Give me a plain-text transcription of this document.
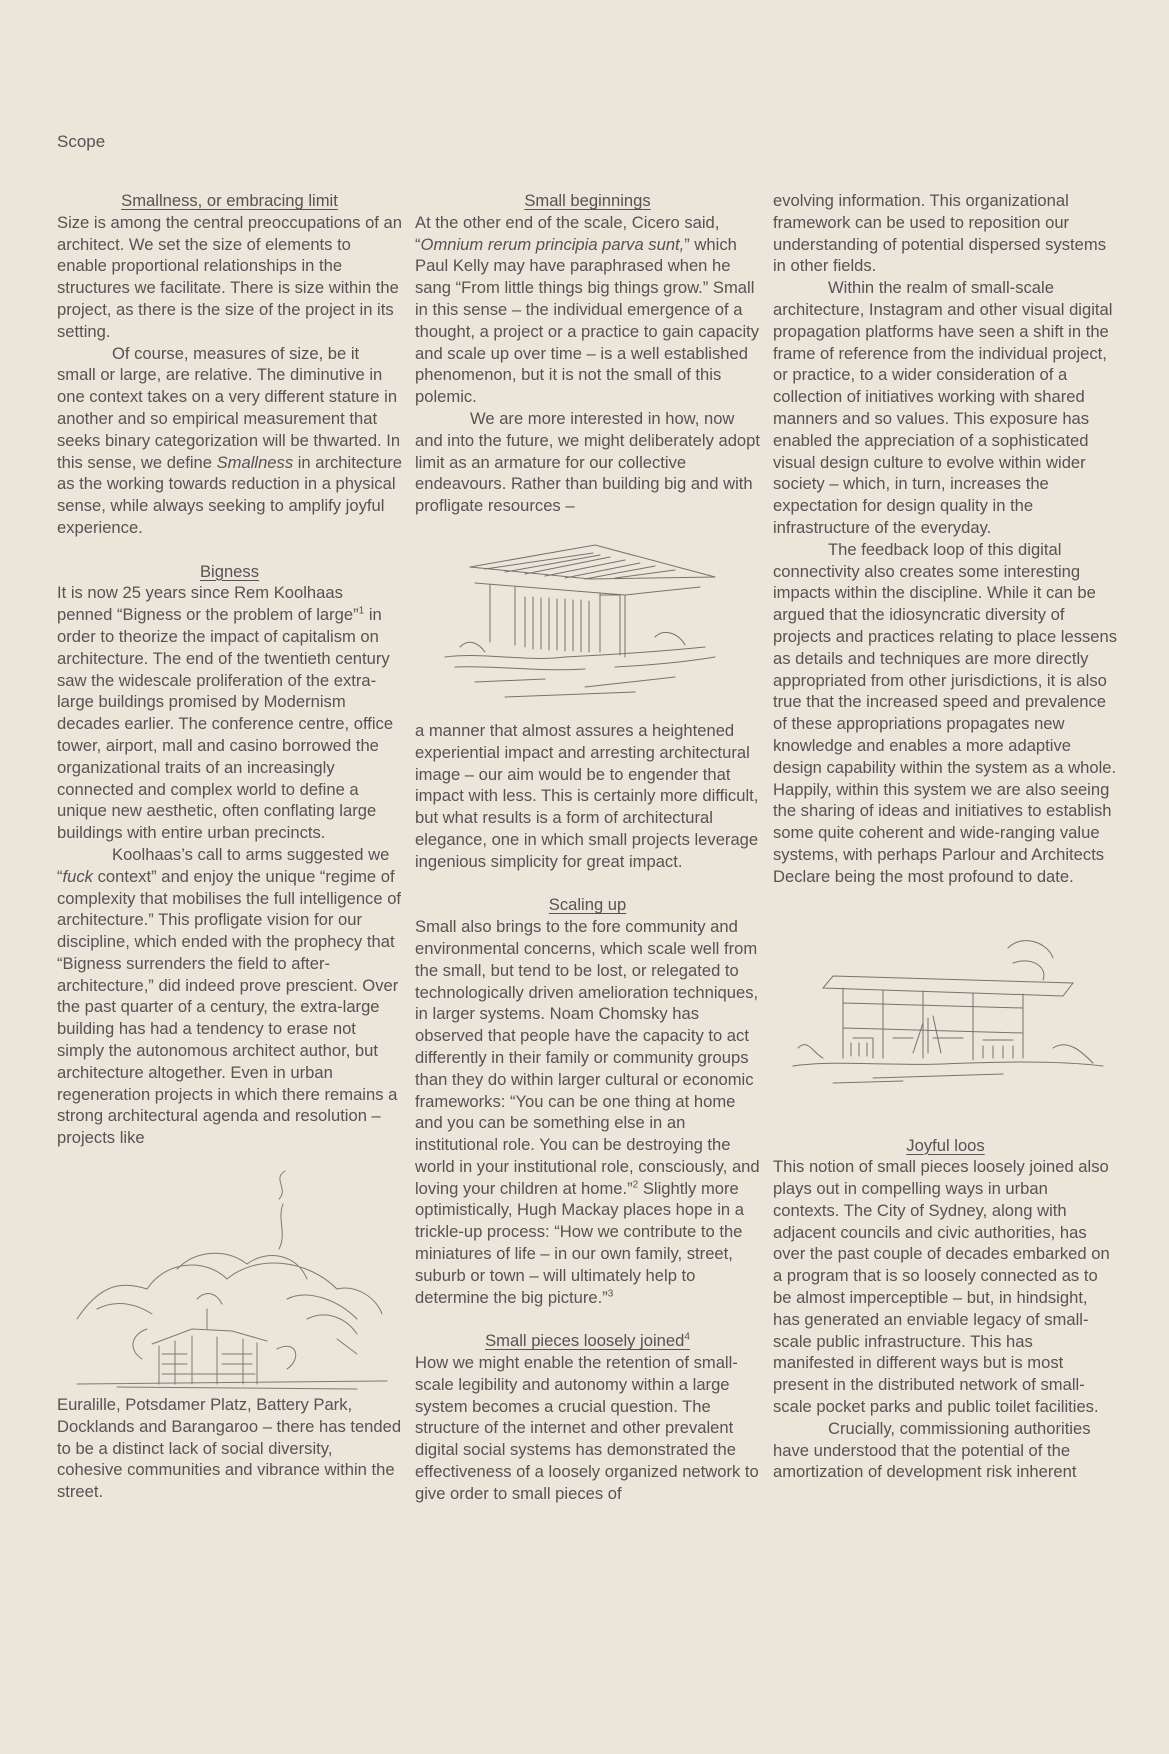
Scope

Smallness, or embracing limit

Size is among the central preoccupations of an architect. We set the size of elements to enable proportional relationships in the structures we facilitate. There is size within the project, as there is the size of the project in its setting.

Of course, measures of size, be it small or large, are relative. The diminutive in one context takes on a very different stature in another and so empirical measurement that seeks binary categorization will be thwarted. In this sense, we define Smallness in architecture as the working towards reduction in a physical sense, while always seeking to amplify joyful experience.

Bigness

It is now 25 years since Rem Koolhaas penned “Bigness or the problem of large”$^1$ in order to theorize the impact of capitalism on architecture. The end of the twentieth century saw the widescale proliferation of the extra-large buildings promised by Modernism decades earlier. The conference centre, office tower, airport, mall and casino borrowed the organizational traits of an increasingly connected and complex world to define a unique new aesthetic, often conflating large buildings with entire urban precincts.

Koolhaas’s call to arms suggested we “fuck context” and enjoy the unique “regime of complexity that mobilises the full intelligence of architecture.” This profligate vision for our discipline, which ended with the prophecy that “Bigness surrenders the field to after-architecture,” did indeed prove prescient. Over the past quarter of a century, the extra-large building has had a tendency to erase not simply the autonomous architect author, but architecture altogether. Even in urban regeneration projects in which there remains a strong architectural agenda and resolution – projects like

Euralille, Potsdamer Platz, Battery Park, Docklands and Barangaroo – there has tended to be a distinct lack of social diversity, cohesive communities and vibrance within the street.

Small beginnings

At the other end of the scale, Cicero said, “Omnium rerum principia parva sunt,” which Paul Kelly may have paraphrased when he sang “From little things big things grow.” Small in this sense – the individual emergence of a thought, a project or a practice to gain capacity and scale up over time – is a well established phenomenon, but it is not the small of this polemic.

We are more interested in how, now and into the future, we might deliberately adopt limit as an armature for our collective endeavours. Rather than building big and with profligate resources –

a manner that almost assures a heightened experiential impact and arresting architectural image – our aim would be to engender that impact with less. This is certainly more difficult, but what results is a form of architectural elegance, one in which small projects leverage ingenious simplicity for great impact.

Scaling up

Small also brings to the fore community and environmental concerns, which scale well from the small, but tend to be lost, or relegated to technologically driven amelioration techniques, in larger systems. Noam Chomsky has observed that people have the capacity to act differently in their family or community groups than they do within larger cultural or economic frameworks: “You can be one thing at home and you can be something else in an institutional role. You can be destroying the world in your institutional role, consciously, and loving your children at home.”$^2$ Slightly more optimistically, Hugh Mackay places hope in a trickle-up process: “How we contribute to the miniatures of life – in our own family, street, suburb or town – will ultimately help to determine the big picture.”$^3$

Small pieces loosely joined$^4$

How we might enable the retention of small-scale legibility and autonomy within a large system becomes a crucial question. The structure of the internet and other prevalent digital social systems has demonstrated the effectiveness of a loosely organized network to give order to small pieces of

evolving information. This organizational framework can be used to reposition our understanding of potential dispersed systems in other fields.

Within the realm of small-scale architecture, Instagram and other visual digital propagation platforms have seen a shift in the frame of reference from the individual project, or practice, to a wider consideration of a collection of initiatives working with shared manners and so values. This exposure has enabled the appreciation of a sophisticated visual design culture to evolve within wider society – which, in turn, increases the expectation for design quality in the infrastructure of the everyday.

The feedback loop of this digital connectivity also creates some interesting impacts within the discipline. While it can be argued that the idiosyncratic diversity of projects and practices relating to place lessens as details and techniques are more directly appropriated from other jurisdictions, it is also true that the increased speed and prevalence of these appropriations propagates new knowledge and enables a more adaptive design capability within the system as a whole. Happily, within this system we are also seeing the sharing of ideas and initiatives to establish some quite coherent and wide-ranging value systems, with perhaps Parlour and Architects Declare being the most profound to date.

Joyful loos

This notion of small pieces loosely joined also plays out in compelling ways in urban contexts. The City of Sydney, along with adjacent councils and civic authorities, has over the past couple of decades embarked on a program that is so loosely connected as to be almost imperceptible – but, in hindsight, has generated an enviable legacy of small-scale public infrastructure. This has manifested in different ways but is most present in the distributed network of small-scale pocket parks and public toilet facilities.

Crucially, commissioning authorities have understood that the potential of the amortization of development risk inherent
